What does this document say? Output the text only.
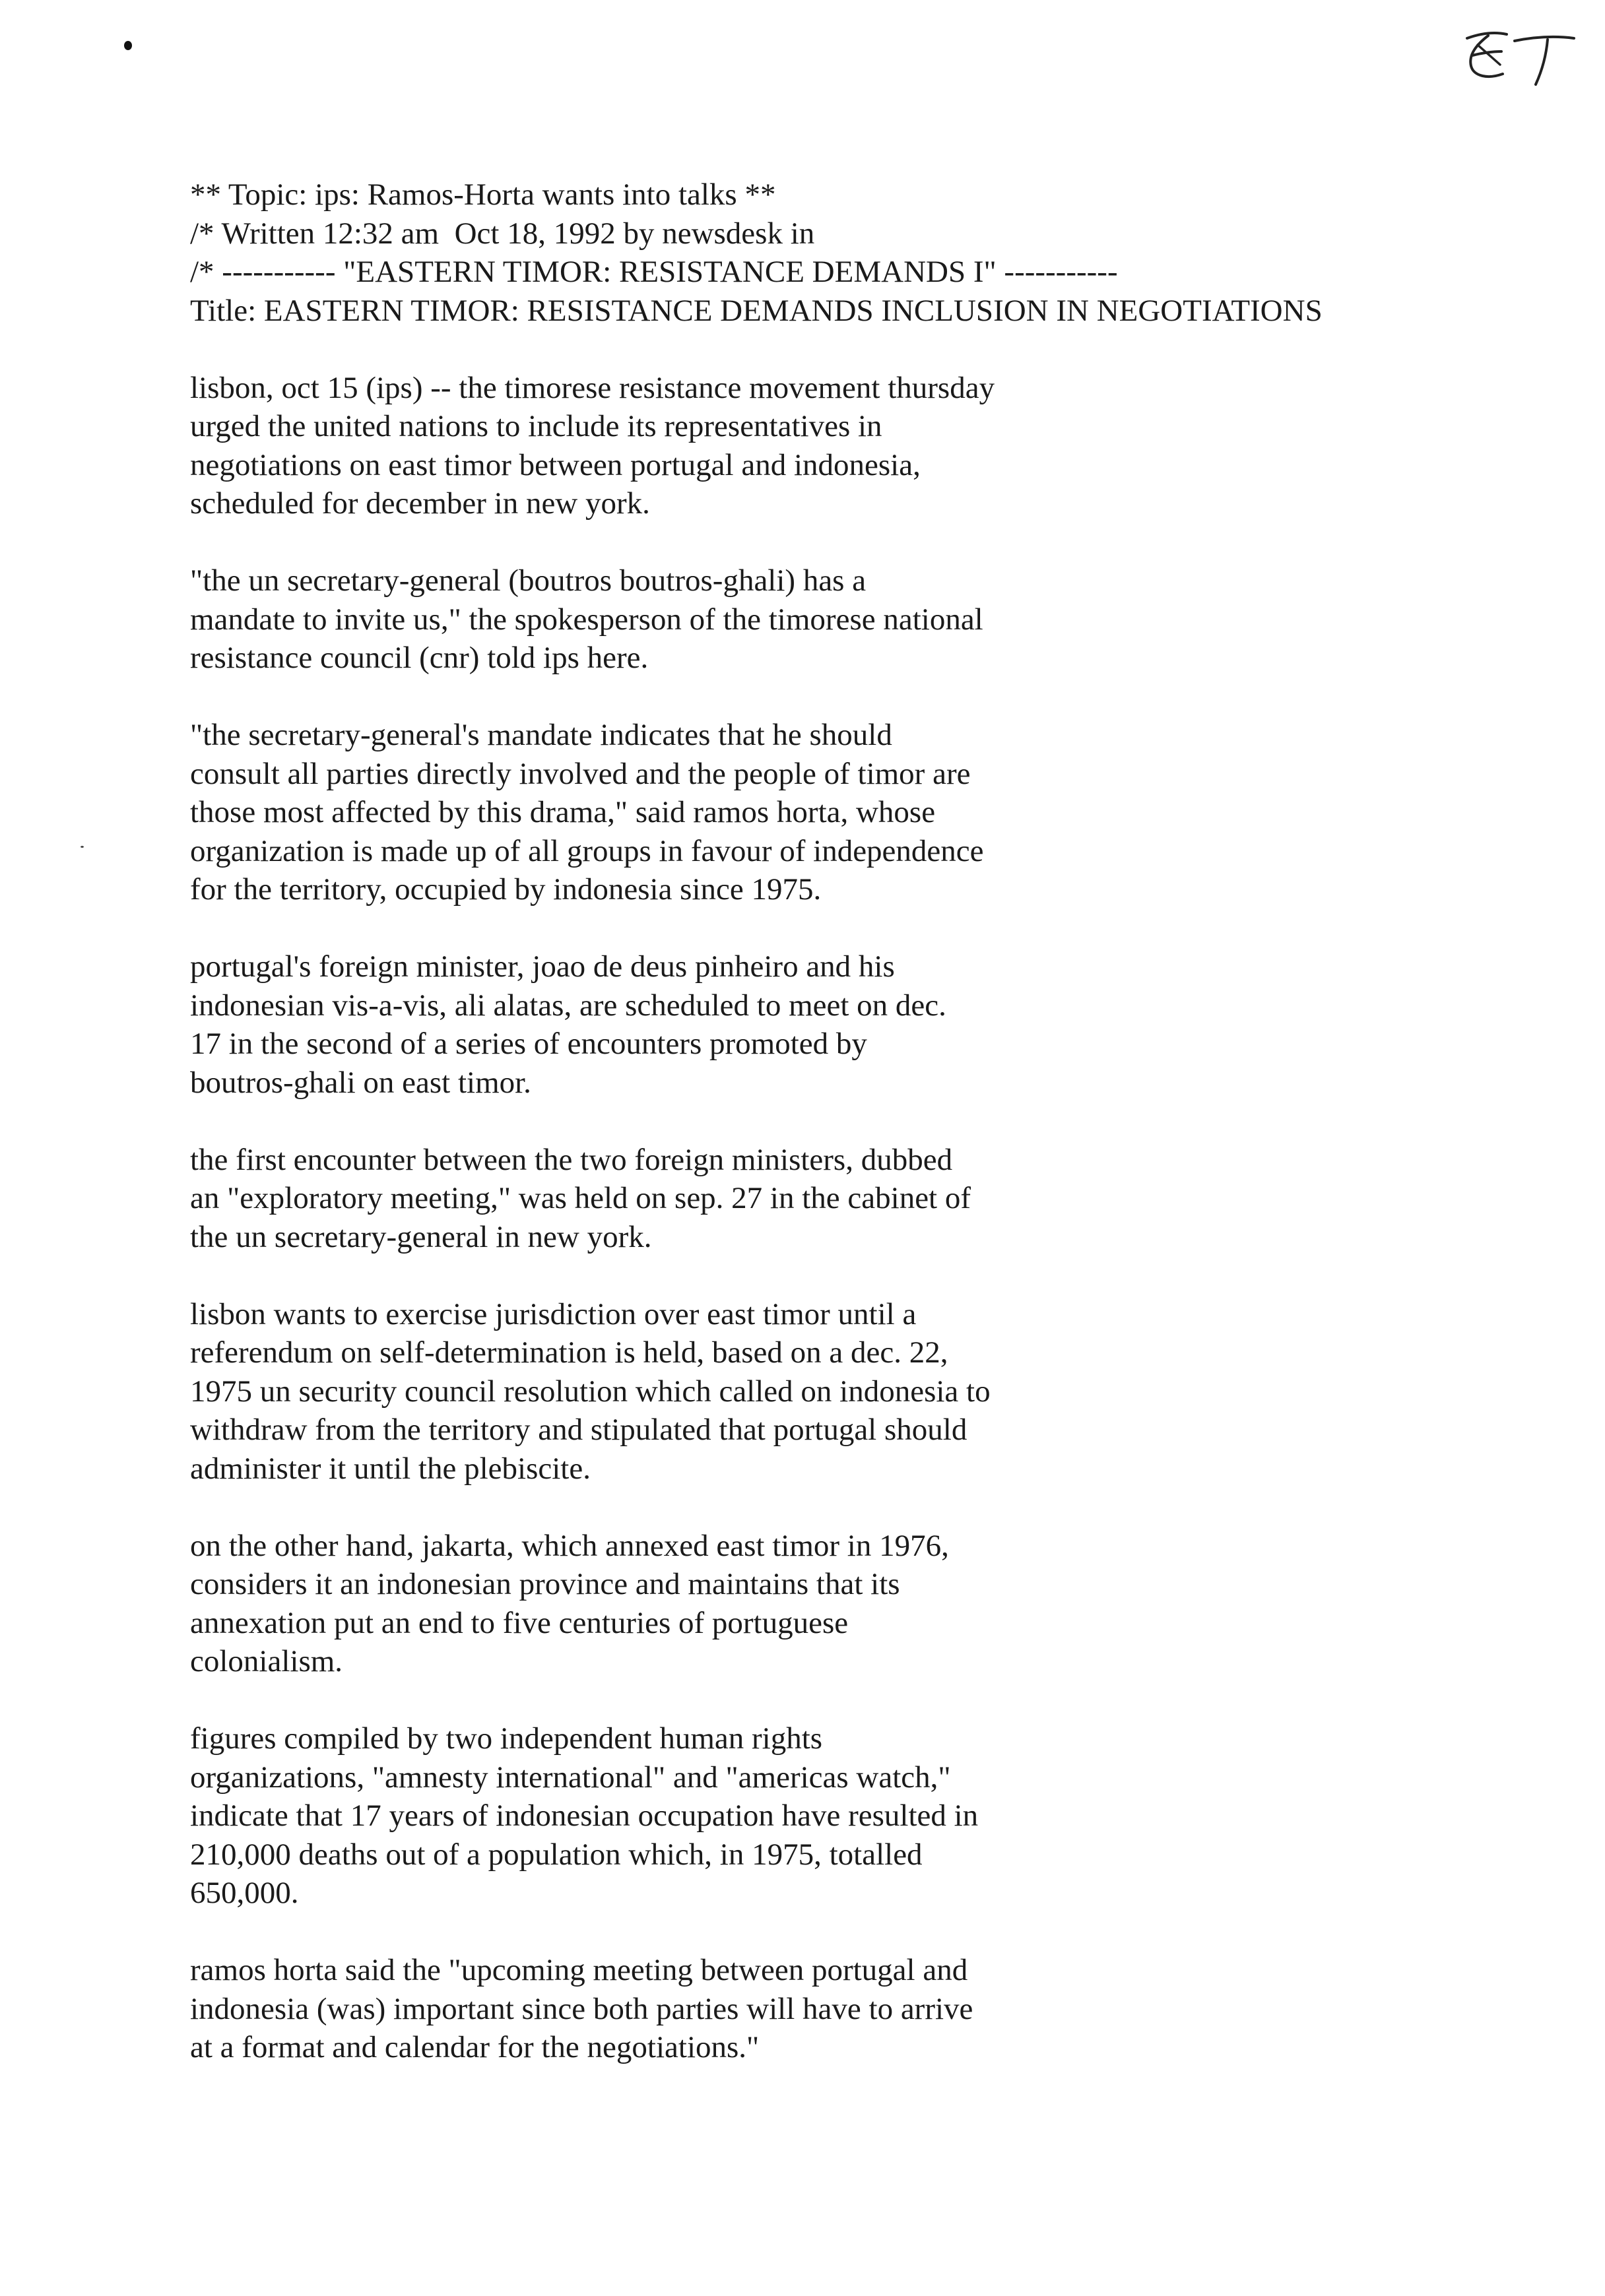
** Topic: ips: Ramos-Horta wants into talks **
/* Written 12:32 am  Oct 18, 1992 by newsdesk in
/* ----------- "EASTERN TIMOR: RESISTANCE DEMANDS I" -----------
Title: EASTERN TIMOR: RESISTANCE DEMANDS INCLUSION IN NEGOTIATIONS
lisbon, oct 15 (ips) -- the timorese resistance movement thursday
urged the united nations to include its representatives in
negotiations on east timor between portugal and indonesia,
scheduled for december in new york.
"the un secretary-general (boutros boutros-ghali) has a
mandate to invite us," the spokesperson of the timorese national
resistance council (cnr) told ips here.
"the secretary-general's mandate indicates that he should
consult all parties directly involved and the people of timor are
those most affected by this drama," said ramos horta, whose
organization is made up of all groups in favour of independence
for the territory, occupied by indonesia since 1975.
portugal's foreign minister, joao de deus pinheiro and his
indonesian vis-a-vis, ali alatas, are scheduled to meet on dec.
17 in the second of a series of encounters promoted by
boutros-ghali on east timor.
the first encounter between the two foreign ministers, dubbed
an "exploratory meeting," was held on sep. 27 in the cabinet of
the un secretary-general in new york.
lisbon wants to exercise jurisdiction over east timor until a
referendum on self-determination is held, based on a dec. 22,
1975 un security council resolution which called on indonesia to
withdraw from the territory and stipulated that portugal should
administer it until the plebiscite.
on the other hand, jakarta, which annexed east timor in 1976,
considers it an indonesian province and maintains that its
annexation put an end to five centuries of portuguese
colonialism.
figures compiled by two independent human rights
organizations, "amnesty international" and "americas watch,"
indicate that 17 years of indonesian occupation have resulted in
210,000 deaths out of a population which, in 1975, totalled
650,000.
ramos horta said the "upcoming meeting between portugal and
indonesia (was) important since both parties will have to arrive
at a format and calendar for the negotiations."
